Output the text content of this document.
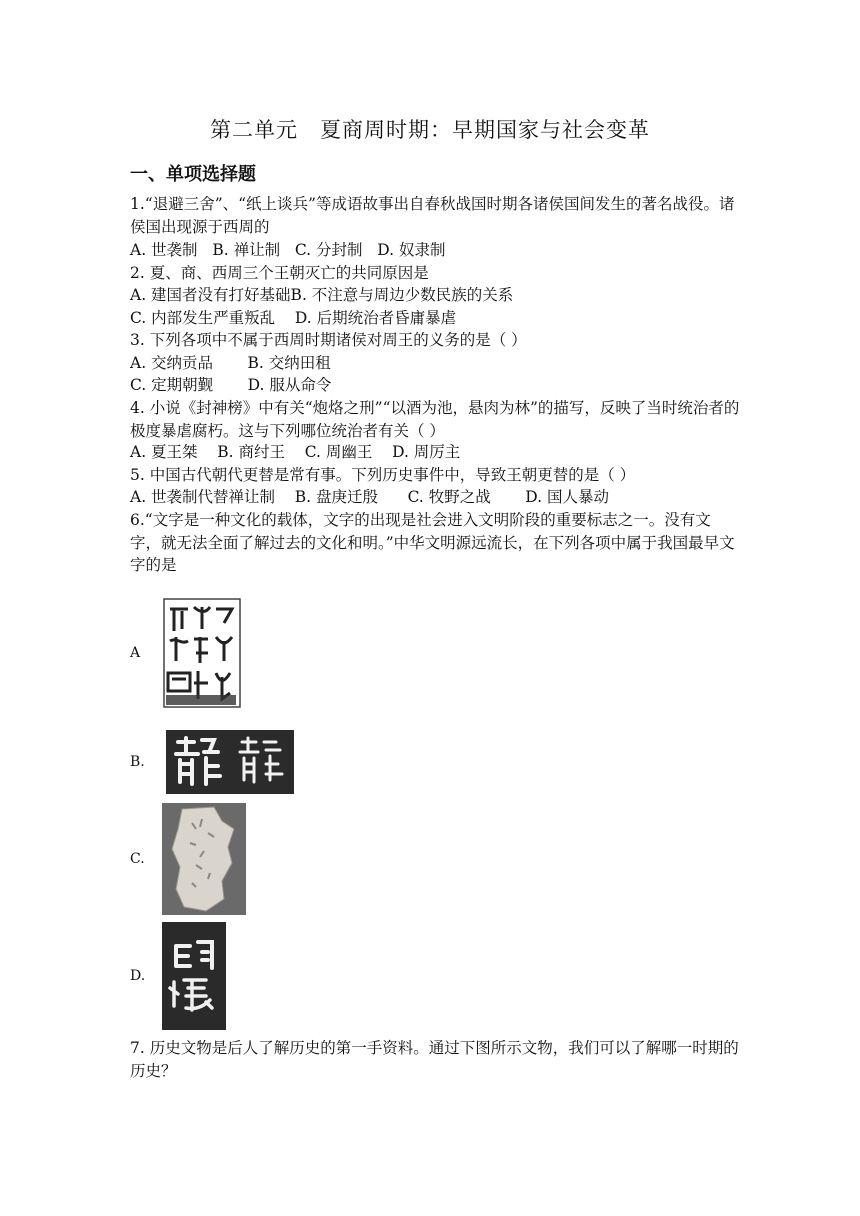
第二单元　夏商周时期：早期国家与社会变革
一、单项选择题
1.“退避三舍”、“纸上谈兵”等成语故事出自春秋战国时期各诸侯国间发生的著名战役。诸侯国出现源于西周的
A. 世袭制   B. 禅让制   C. 分封制   D. 奴隶制
2. 夏、商、西周三个王朝灭亡的共同原因是
A. 建国者没有打好基础B. 不注意与周边少数民族的关系
C. 内部发生严重叛乱    D. 后期统治者昏庸暴虐
3. 下列各项中不属于西周时期诸侯对周王的义务的是（ ）
A. 交纳贡品       B. 交纳田租
C. 定期朝觐       D. 服从命令
4. 小说《封神榜》中有关“炮烙之刑”“以酒为池，悬肉为林”的描写，反映了当时统治者的极度暴虐腐朽。这与下列哪位统治者有关（ ）
A. 夏王桀    B. 商纣王    C. 周幽王    D. 周厉主
5. 中国古代朝代更替是常有事。下列历史事件中，导致王朝更替的是（ ）
A. 世袭制代替禅让制    B. 盘庚迁殷      C. 牧野之战       D. 国人暴动
6.“文字是一种文化的载体，文字的出现是社会进入文明阶段的重要标志之一。没有文字，就无法全面了解过去的文化和明。”中华文明源远流长，在下列各项中属于我国最早文字的是
A
B.
C.
D.
7. 历史文物是后人了解历史的第一手资料。通过下图所示文物，我们可以了解哪一时期的历史？
